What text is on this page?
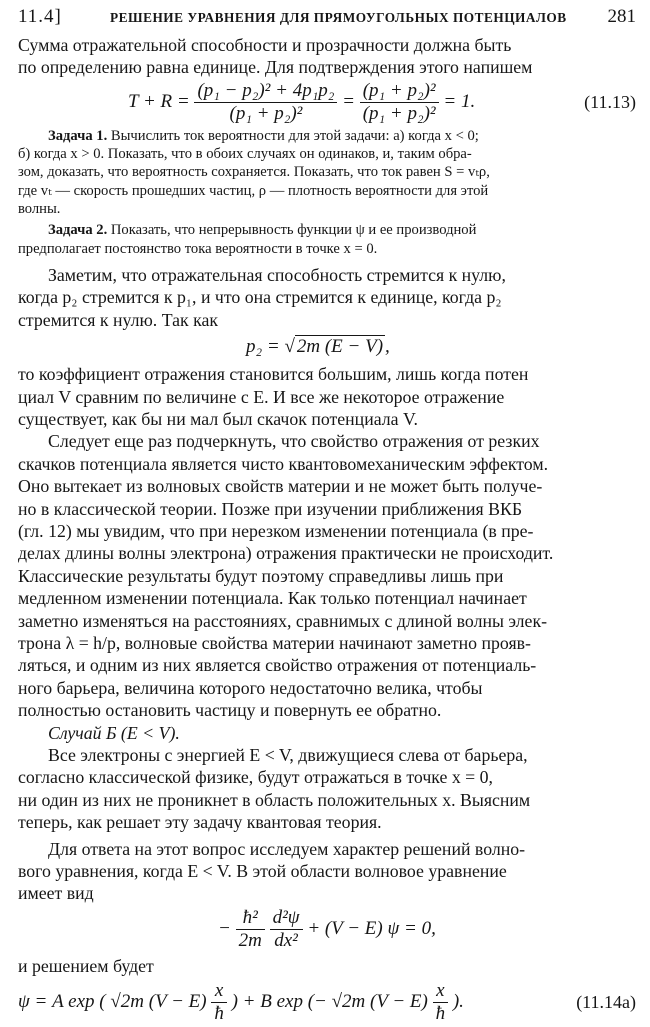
11.4]	РЕШЕНИЕ УРАВНЕНИЯ ДЛЯ ПРЯМОУГОЛЬНЫХ ПОТЕНЦИАЛОВ 281
Сумма отражательной способности и прозрачности должна быть
по определению равна единице. Для подтверждения этого напишем
$T + R = \frac{\text{(p₁ − p₂)² + 4p₁p₂}}{\text{(p₁ + p₂)²}} = \frac{\text{(p₁ + p₂)²}}{\text{(p₁ + p₂)²}} = 1$.	(11.13)
Задача 1. Вычислить ток вероятности для этой задачи: а) когда x < 0;
б) когда x > 0. Показать, что в обоих случаях он одинаков, и, таким обра-
зом, доказать, что вероятность сохраняется. Показать, что ток равен S = vₜρ,
где vₜ — скорость прошедших частиц, ρ — плотность вероятности для этой
волны.
Задача 2. Показать, что непрерывность функции ψ и ее производной
предполагает постоянство тока вероятности в точке x = 0.
Заметим, что отражательная способность стремится к нулю,
когда p₂ стремится к p₁, и что она стремится к единице, когда p₂
стремится к нулю. Так как
p₂ = √ 2m (E − V) ,
то коэффициент отражения становится большим, лишь когда потен
циал V сравним по величине с E. И все же некоторое отражение
существует, как бы ни мал был скачок потенциала V.
Следует еще раз подчеркнуть, что свойство отражения от резких
скачков потенциала является чисто квантовомеханическим эффектом.
Оно вытекает из волновых свойств материи и не может быть получе-
но в классической теории. Позже при изучении приближения ВКБ
(гл. 12) мы увидим, что при нерезком изменении потенциала (в пре-
делах длины волны электрона) отражения практически не происходит.
Классические результаты будут поэтому справедливы лишь при
медленном изменении потенциала. Как только потенциал начинает
заметно изменяться на расстояниях, сравнимых с длиной волны элек-
трона λ = h/p, волновые свойства материи начинают заметно прояв-
ляться, и одним из них является свойство отражения от потенциаль-
ного барьера, величина которого недостаточно велика, чтобы
полностью остановить частицу и повернуть ее обратно.
Случай Б (E < V).
Все электроны с энергией E < V, движущиеся слева от барьера,
согласно классической физике, будут отражаться в точке x = 0,
ни один из них не проникнет в область положительных x. Выясним
теперь, как решает эту задачу квантовая теория.
Для ответа на этот вопрос исследуем характер решений волно-
вого уравнения, когда E < V. В этой области волновое уравнение
имеет вид
− $\frac{\text{ħ²}}{2m}$
$\frac{\text{d²ψ}}{\text{dx²}} + (V - E) \psi = 0$,
и решением будет
ψ = A exp ( √2m $(V - E) \frac{x}{ħ}$ ) + B exp (− √2m $(V - E) \frac{x}{ħ}$ ).	(11.14а)
